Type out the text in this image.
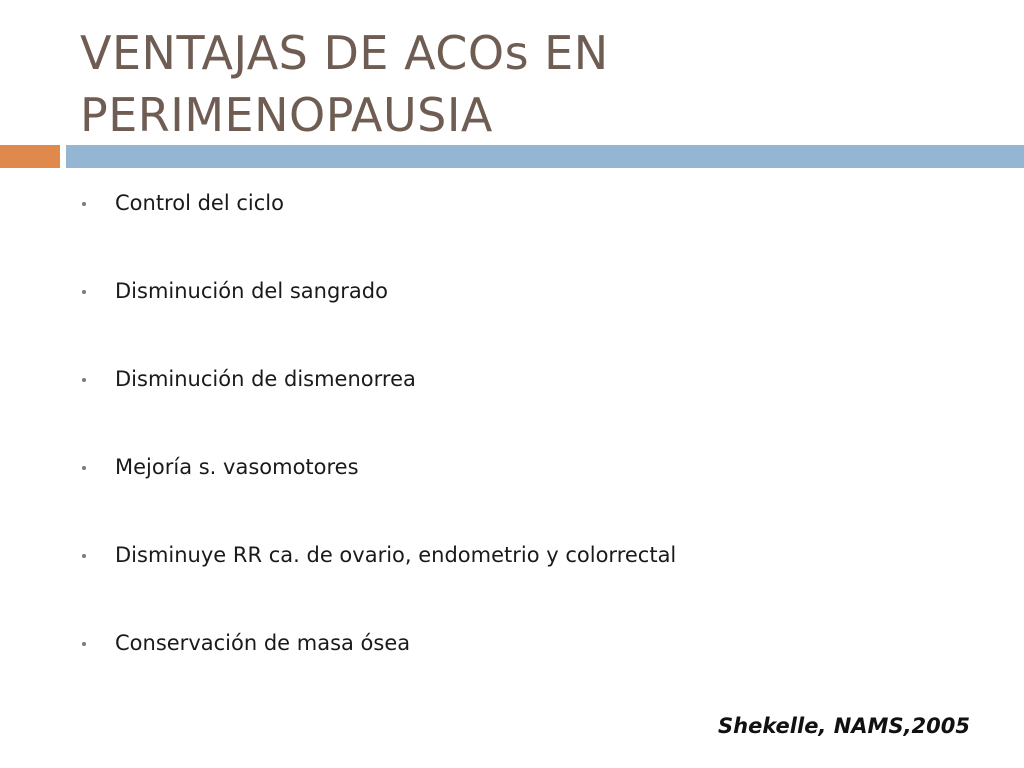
VENTAJAS DE ACOs EN
PERIMENOPAUSIA
Control del ciclo
Disminución del sangrado
Disminución de dismenorrea
Mejoría s. vasomotores
Disminuye RR ca. de ovario, endometrio y colorrectal
Conservación de masa ósea
Shekelle, NAMS,2005
